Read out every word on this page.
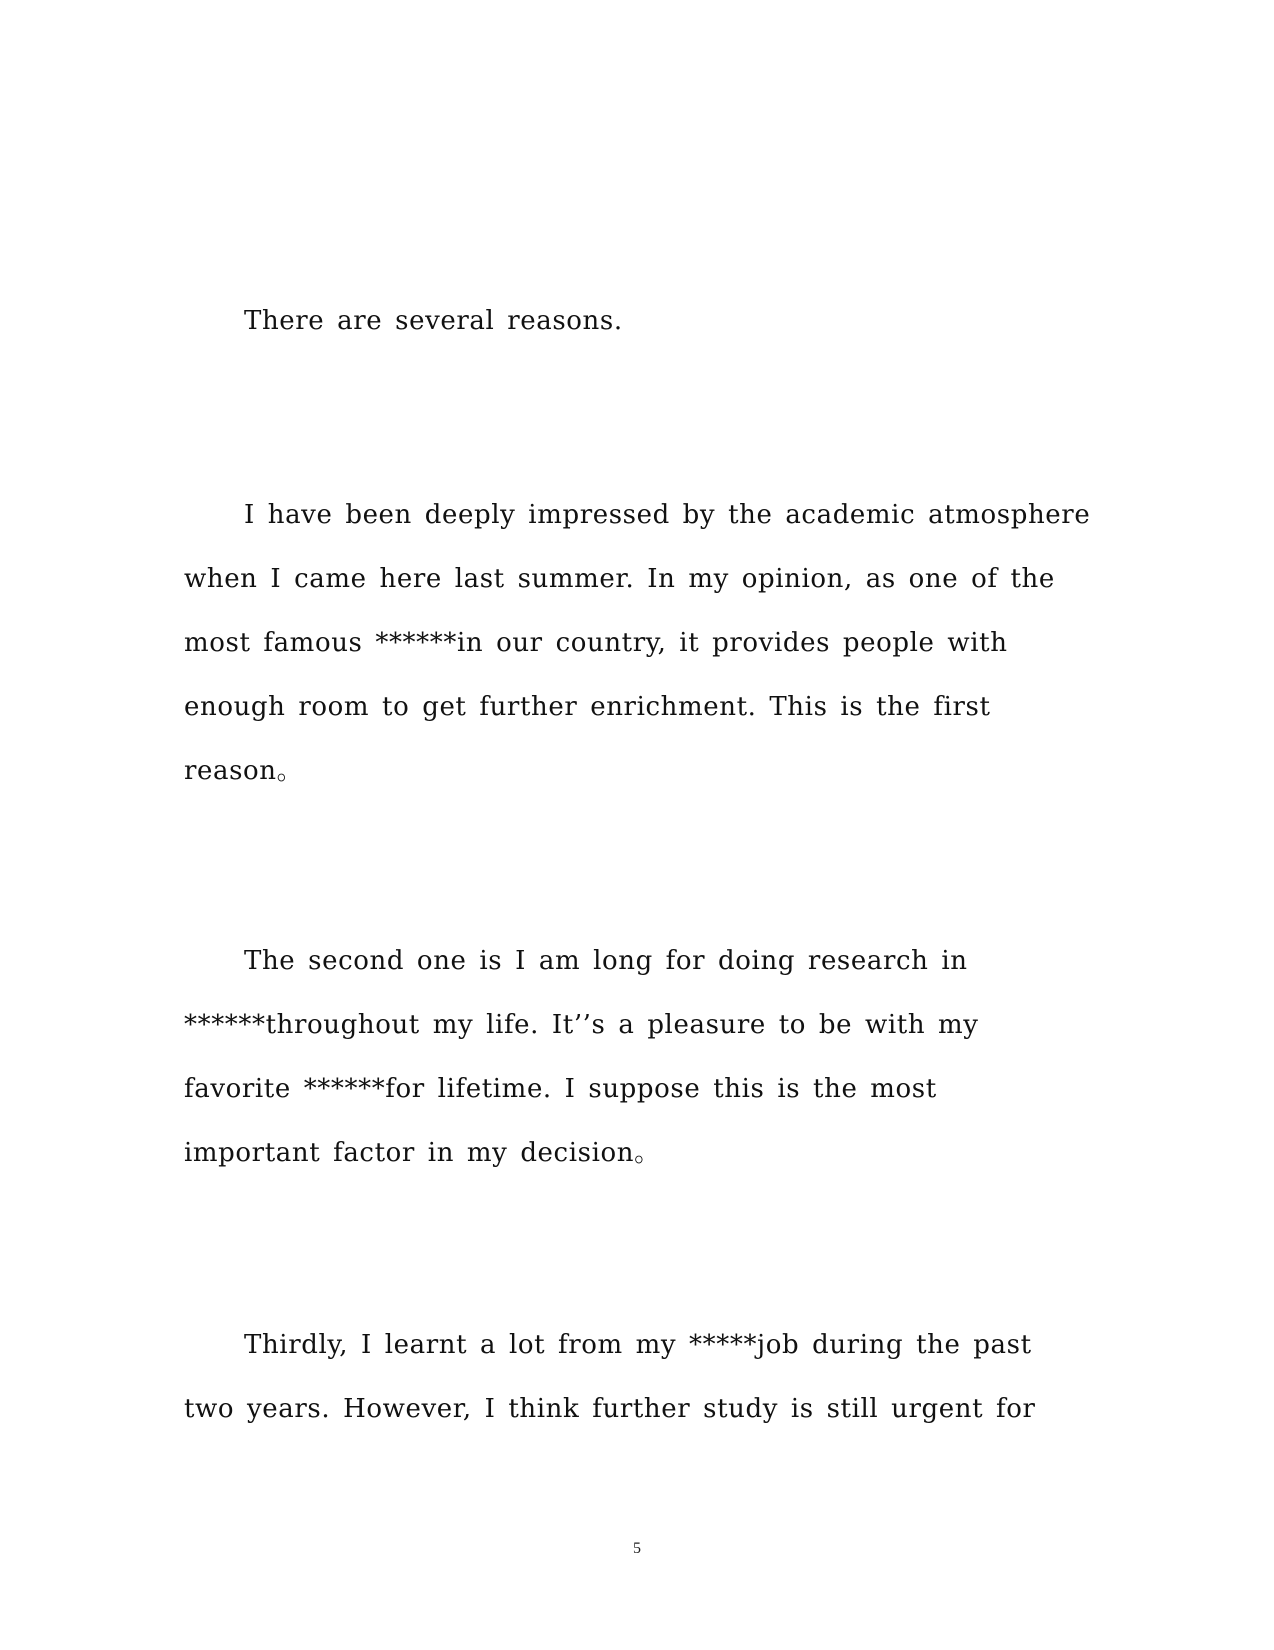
There are several reasons.
I have been deeply impressed by the academic atmosphere
when I came here last summer. In my opinion, as one of the
most famous ******in our country, it provides people with
enough room to get further enrichment. This is the first
reason。
The second one is I am long for doing research in
******throughout my life. It’’s a pleasure to be with my
favorite ******for lifetime. I suppose this is the most
important factor in my decision。
Thirdly, I learnt a lot from my *****job during the past
two years. However, I think further study is still urgent for
5
